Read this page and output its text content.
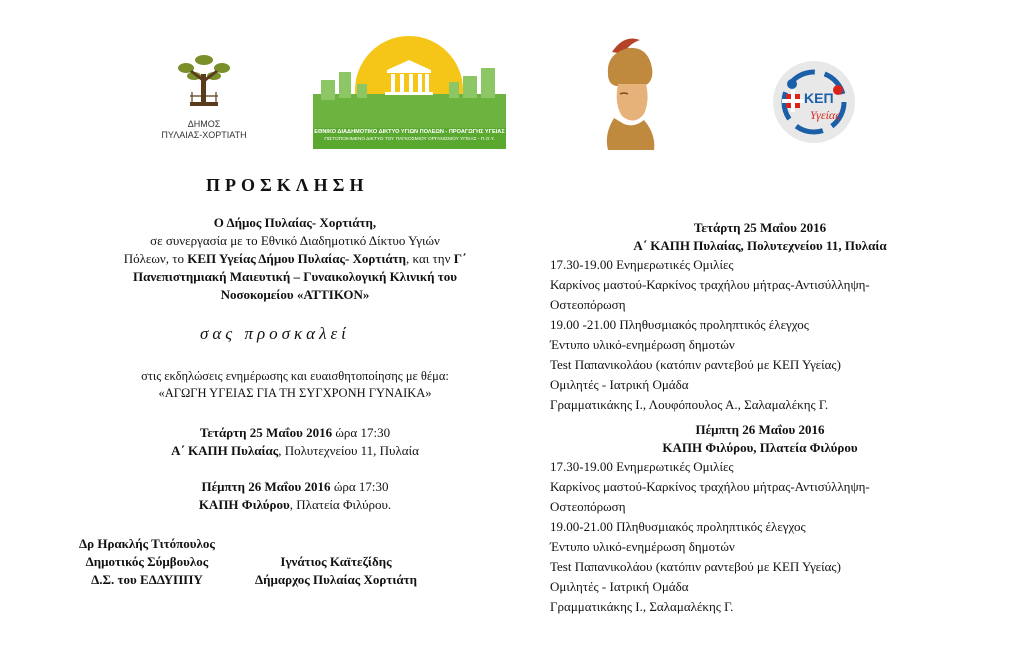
ΔΗΜΟΣ
ΠΥΛΑΙΑΣ-ΧΟΡΤΙΑΤΗ	ΕΘΝΙΚΟ ΔΙΑΔΗΜΟΤΙΚΟ ΔΙΚΤΥΟ ΥΓΙΩΝ ΠΟΛΕΩΝ - ΠΡΟΑΓΩΓΗΣ ΥΓΕΙΑΣ
ΠΙΣΤΟΠΟΙΗΜΕΝΟ ΔΙΚΤΥΟ ΤΟΥ ΠΑΓΚΟΣΜΙΟΥ ΟΡΓΑΝΙΣΜΟΥ ΥΓΕΙΑΣ - Π.Ο.Υ.
ΚΕΠ
Υγείας
ΠΡΟΣΚΛΗΣΗ
Ο Δήμος Πυλαίας- Χορτιάτη,
σε συνεργασία με το Εθνικό Διαδημοτικό Δίκτυο Υγιών
Πόλεων, το ΚΕΠ Υγείας Δήμου Πυλαίας- Χορτιάτη, και την Γ΄
Πανεπιστημιακή Μαιευτική – Γυναικολογική Κλινική του
Νοσοκομείου «ΑΤΤΙΚΟΝ»
σας προσκαλεί
στις εκδηλώσεις ενημέρωσης και ευαισθητοποίησης με θέμα:
«ΑΓΩΓΗ ΥΓΕΙΑΣ ΓΙΑ ΤΗ ΣΥΓΧΡΟΝΗ ΓΥΝΑΙΚΑ»
Τετάρτη 25 Μαΐου 2016 ώρα 17:30
Α΄ ΚΑΠΗ Πυλαίας, Πολυτεχνείου 11, Πυλαία
Πέμπτη 26 Μαΐου 2016 ώρα 17:30
ΚΑΠΗ Φιλύρου, Πλατεία Φιλύρου.
Δρ Ηρακλής Τιτόπουλος
Δημοτικός Σύμβουλος
Δ.Σ. του ΕΔΔΥΠΠΥ
Ιγνάτιος Καϊτεζίδης
Δήμαρχος Πυλαίας Χορτιάτη
Τετάρτη 25 Μαΐου 2016
Α΄ ΚΑΠΗ Πυλαίας, Πολυτεχνείου 11, Πυλαία
17.30-19.00 Ενημερωτικές Ομιλίες
Καρκίνος μαστού-Καρκίνος τραχήλου μήτρας-Αντισύλληψη-
Οστεοπόρωση
19.00 -21.00 Πληθυσμιακός προληπτικός έλεγχος
Έντυπο υλικό-ενημέρωση δημοτών
Test Παπανικολάου (κατόπιν ραντεβού με ΚΕΠ Υγείας)
Ομιλητές - Ιατρική Ομάδα
Γραμματικάκης Ι., Λουφόπουλος Α., Σαλαμαλέκης Γ.
Πέμπτη 26 Μαΐου 2016
ΚΑΠΗ Φιλύρου, Πλατεία Φιλύρου
17.30-19.00 Ενημερωτικές Ομιλίες
Καρκίνος μαστού-Καρκίνος τραχήλου μήτρας-Αντισύλληψη-
Οστεοπόρωση
19.00-21.00 Πληθυσμιακός προληπτικός έλεγχος
Έντυπο υλικό-ενημέρωση δημοτών
Test Παπανικολάου (κατόπιν ραντεβού με ΚΕΠ Υγείας)
Ομιλητές - Ιατρική Ομάδα
Γραμματικάκης Ι., Σαλαμαλέκης Γ.
